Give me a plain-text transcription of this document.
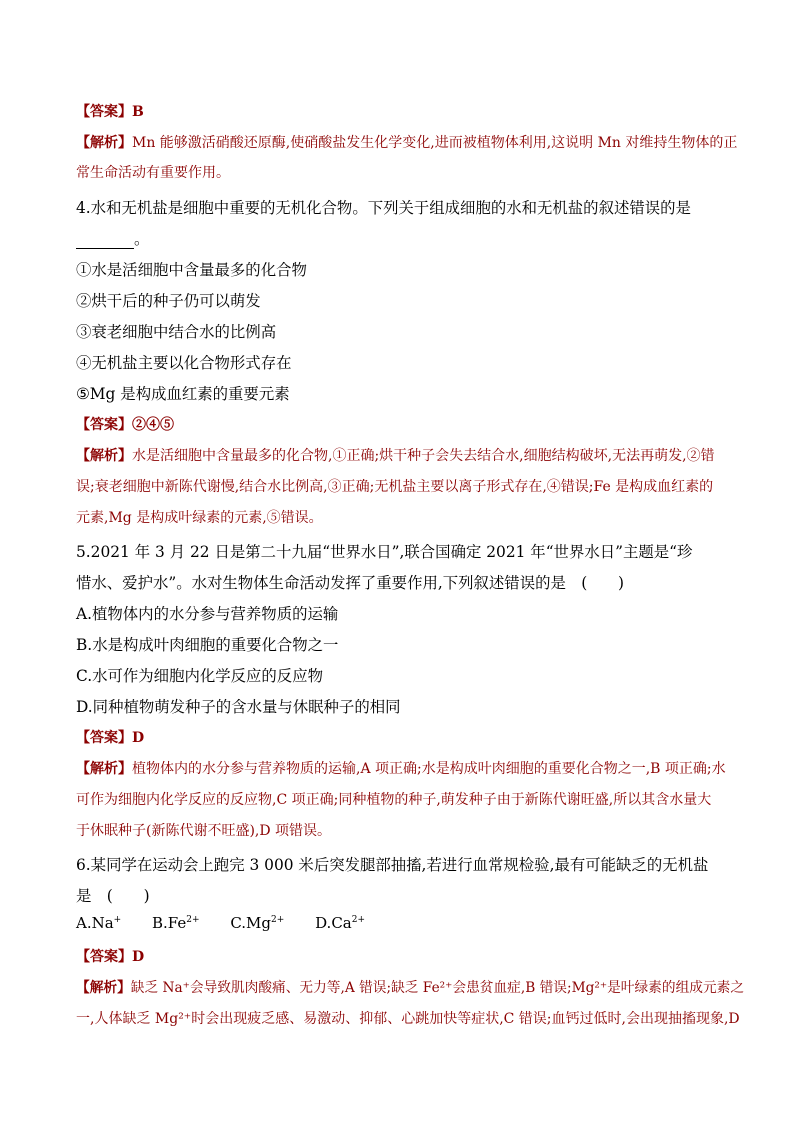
【答案】B
【解析】Mn 能够激活硝酸还原酶,使硝酸盐发生化学变化,进而被植物体利用,这说明 Mn 对维持生物体的正
常生命活动有重要作用。
4.水和无机盐是细胞中重要的无机化合物。下列关于组成细胞的水和无机盐的叙述错误的是
。
①水是活细胞中含量最多的化合物
②烘干后的种子仍可以萌发
③衰老细胞中结合水的比例高
④无机盐主要以化合物形式存在
⑤Mg 是构成血红素的重要元素
【答案】②④⑤
【解析】水是活细胞中含量最多的化合物,①正确;烘干种子会失去结合水,细胞结构破坏,无法再萌发,②错
误;衰老细胞中新陈代谢慢,结合水比例高,③正确;无机盐主要以离子形式存在,④错误;Fe 是构成血红素的
元素,Mg 是构成叶绿素的元素,⑤错误。
5.2021 年 3 月 22 日是第二十九届“世界水日”,联合国确定 2021 年“世界水日”主题是“珍
惜水、爱护水”。水对生物体生命活动发挥了重要作用,下列叙述错误的是　(　　)
A.植物体内的水分参与营养物质的运输
B.水是构成叶肉细胞的重要化合物之一
C.水可作为细胞内化学反应的反应物
D.同种植物萌发种子的含水量与休眠种子的相同
【答案】D
【解析】植物体内的水分参与营养物质的运输,A 项正确;水是构成叶肉细胞的重要化合物之一,B 项正确;水
可作为细胞内化学反应的反应物,C 项正确;同种植物的种子,萌发种子由于新陈代谢旺盛,所以其含水量大
于休眠种子(新陈代谢不旺盛),D 项错误。
6.某同学在运动会上跑完 3 000 米后突发腿部抽搐,若进行血常规检验,最有可能缺乏的无机盐
是　(　　)
A.Na+ $B.Fe^{2+}$ $C.Mg^{2+}$ $D.Ca^{2+}$
【答案】D
【解析】缺乏 Na⁺会导致肌肉酸痛、无力等,A 错误;缺乏 Fe²⁺会患贫血症,B 错误;Mg²⁺是叶绿素的组成元素之
一,人体缺乏 Mg²⁺时会出现疲乏感、易激动、抑郁、心跳加快等症状,C 错误;血钙过低时,会出现抽搐现象,D
